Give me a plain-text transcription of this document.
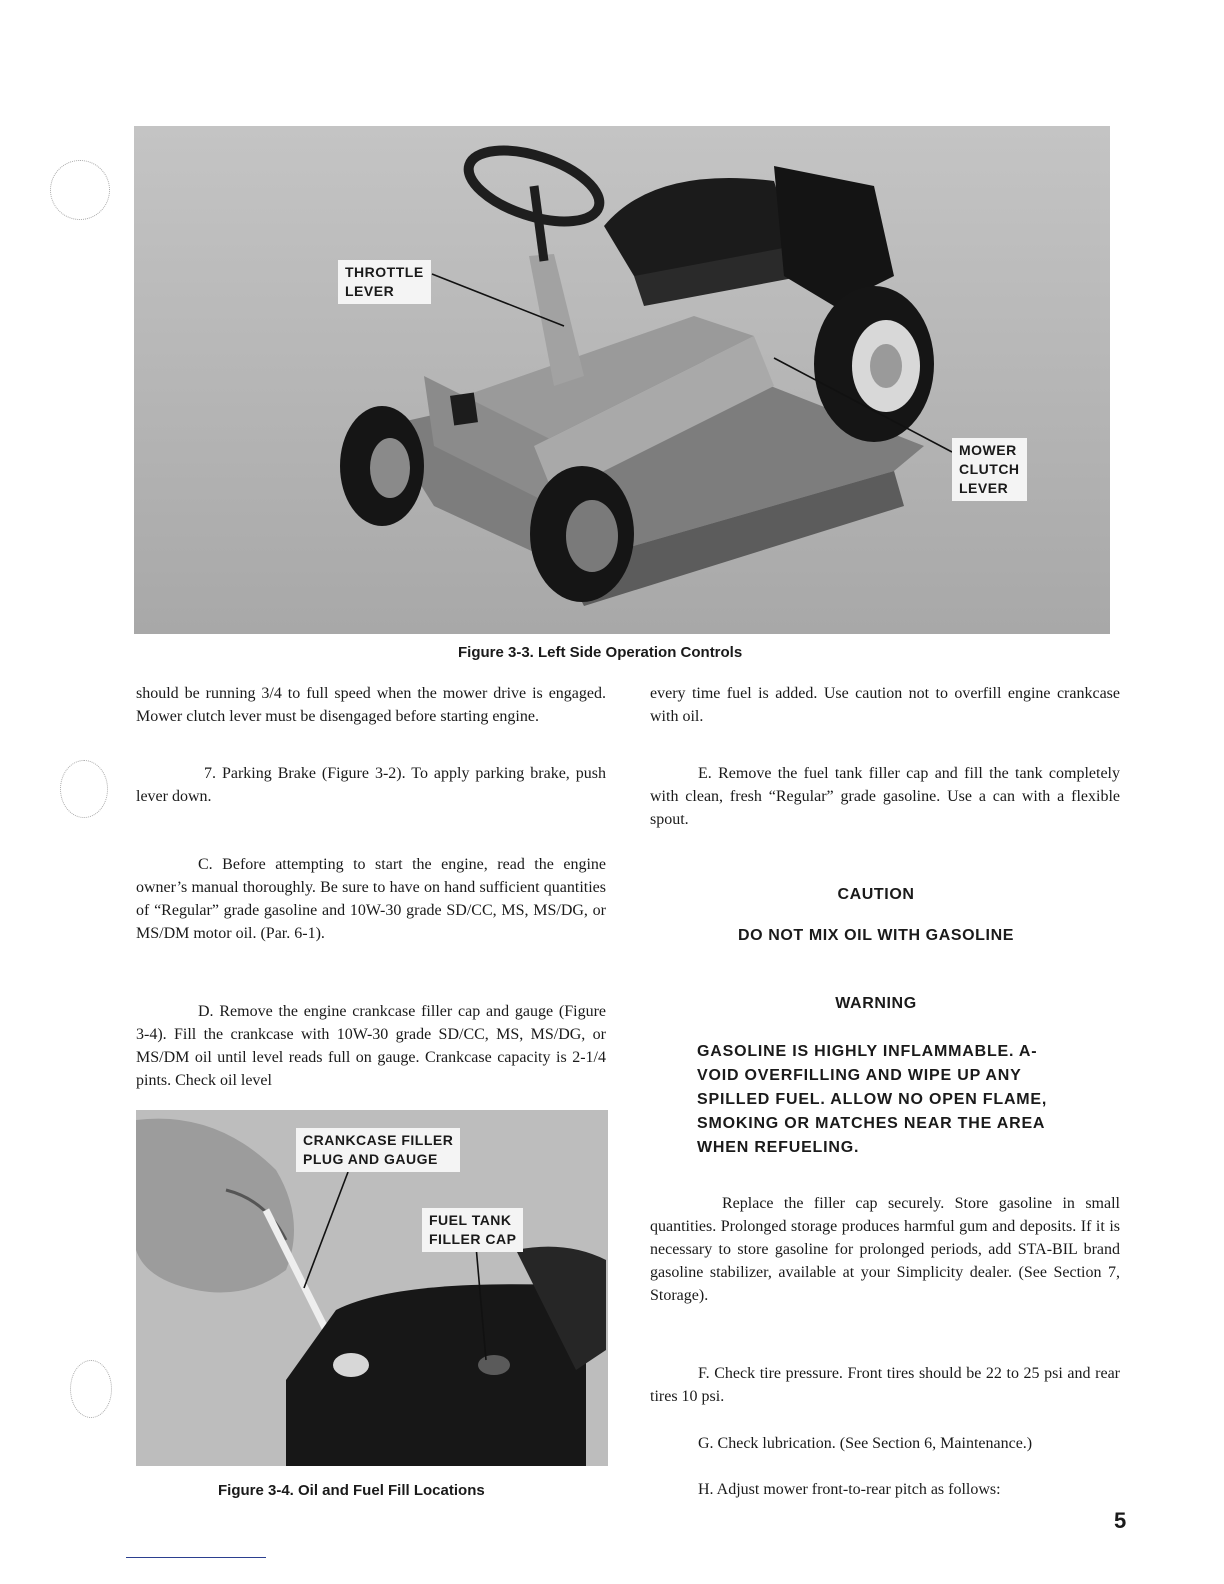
THROTTLE
LEVER
MOWER
CLUTCH
LEVER
Figure 3-3. Left Side Operation Controls

should be running 3/4 to full speed when the mower drive is engaged. Mower clutch lever must be disengaged before starting engine.

7. Parking Brake (Figure 3-2). To apply parking brake, push lever down.

C. Before attempting to start the engine, read the engine owner’s manual thoroughly. Be sure to have on hand sufficient quantities of “Regular” grade gasoline and 10W-30 grade SD/CC, MS, MS/DG, or MS/DM motor oil. (Par. 6-1).

D. Remove the engine crankcase filler cap and gauge (Figure 3-4). Fill the crankcase with 10W-30 grade SD/CC, MS, MS/DG, or MS/DM oil until level reads full on gauge. Crankcase capacity is 2-1/4 pints. Check oil level

CRANKCASE FILLER
PLUG AND GAUGE
FUEL TANK
FILLER CAP
Figure 3-4. Oil and Fuel Fill Locations

every time fuel is added. Use caution not to overfill engine crankcase with oil.

E. Remove the fuel tank filler cap and fill the tank completely with clean, fresh “Regular” grade gasoline. Use a can with a flexible spout.

CAUTION
DO NOT MIX OIL WITH GASOLINE
WARNING
GASOLINE IS HIGHLY INFLAMMABLE. A-
VOID OVERFILLING AND WIPE UP ANY
SPILLED FUEL. ALLOW NO OPEN FLAME,
SMOKING OR MATCHES NEAR THE AREA
WHEN REFUELING.

Replace the filler cap securely. Store gasoline in small quantities. Prolonged storage produces harmful gum and deposits. If it is necessary to store gasoline for prolonged periods, add STA-BIL brand gasoline stabilizer, available at your Simplicity dealer. (See Section 7, Storage).

F. Check tire pressure. Front tires should be 22 to 25 psi and rear tires 10 psi.

G. Check lubrication. (See Section 6, Maintenance.)

H. Adjust mower front-to-rear pitch as follows:

5
